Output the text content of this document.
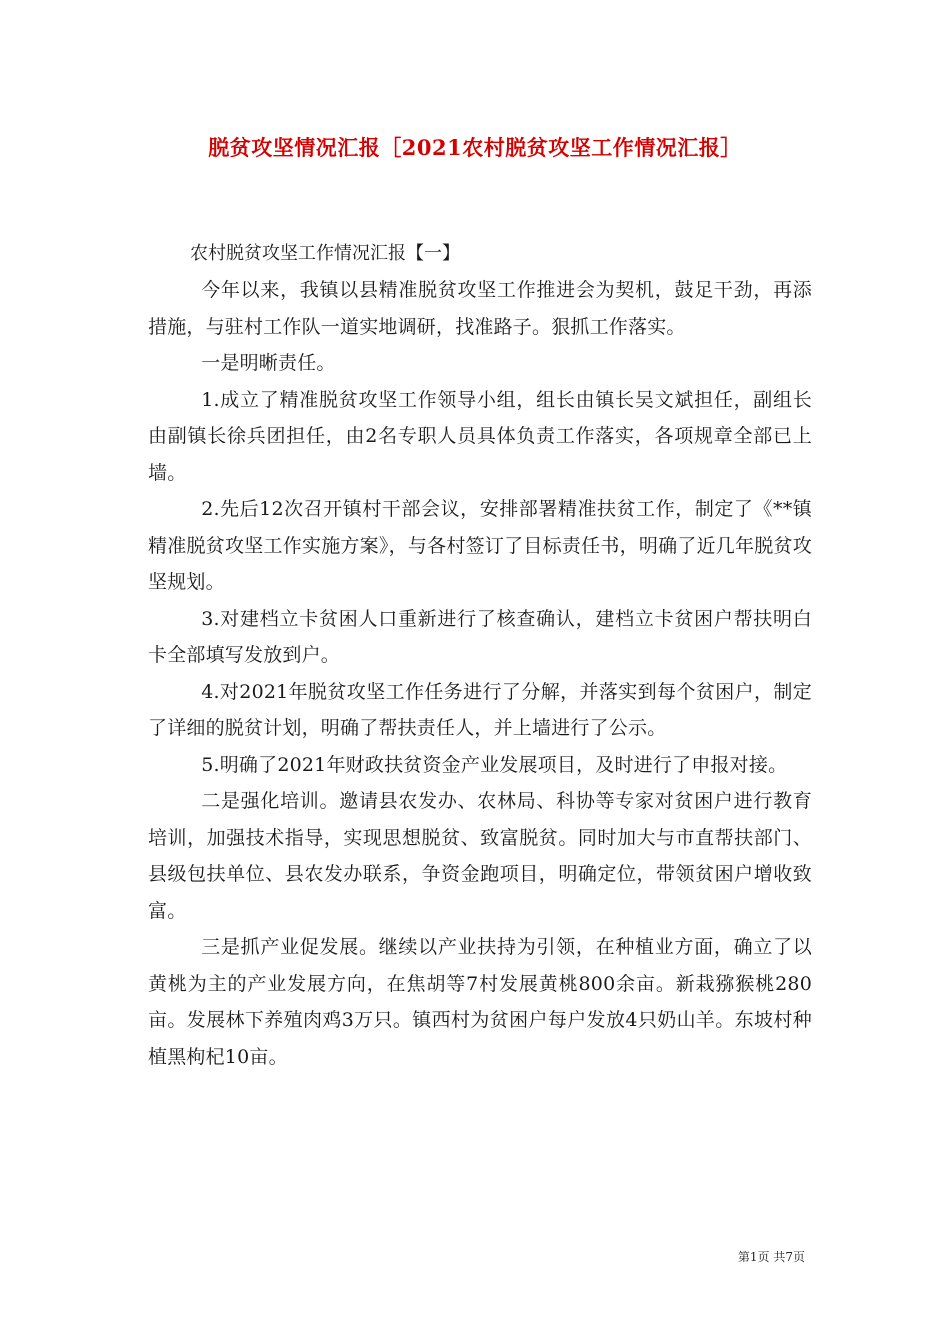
脱贫攻坚情况汇报［2021农村脱贫攻坚工作情况汇报］

农村脱贫攻坚工作情况汇报【一】

今年以来，我镇以县精准脱贫攻坚工作推进会为契机，鼓足干劲，再添措施，与驻村工作队一道实地调研，找准路子。狠抓工作落实。

一是明晰责任。

1.成立了精准脱贫攻坚工作领导小组，组长由镇长吴文斌担任，副组长由副镇长徐兵团担任，由2名专职人员具体负责工作落实，各项规章全部已上墙。

2.先后12次召开镇村干部会议，安排部署精准扶贫工作，制定了《**镇精准脱贫攻坚工作实施方案》，与各村签订了目标责任书，明确了近几年脱贫攻坚规划。

3.对建档立卡贫困人口重新进行了核查确认，建档立卡贫困户帮扶明白卡全部填写发放到户。

4.对2021年脱贫攻坚工作任务进行了分解，并落实到每个贫困户，制定了详细的脱贫计划，明确了帮扶责任人，并上墙进行了公示。

5.明确了2021年财政扶贫资金产业发展项目，及时进行了申报对接。

二是强化培训。邀请县农发办、农林局、科协等专家对贫困户进行教育培训，加强技术指导，实现思想脱贫、致富脱贫。同时加大与市直帮扶部门、县级包扶单位、县农发办联系，争资金跑项目，明确定位，带领贫困户增收致富。

三是抓产业促发展。继续以产业扶持为引领，在种植业方面，确立了以黄桃为主的产业发展方向，在焦胡等7村发展黄桃800余亩。新栽猕猴桃280亩。发展林下养殖肉鸡3万只。镇西村为贫困户每户发放4只奶山羊。东坡村种植黑枸杞10亩。

第1页 共7页
